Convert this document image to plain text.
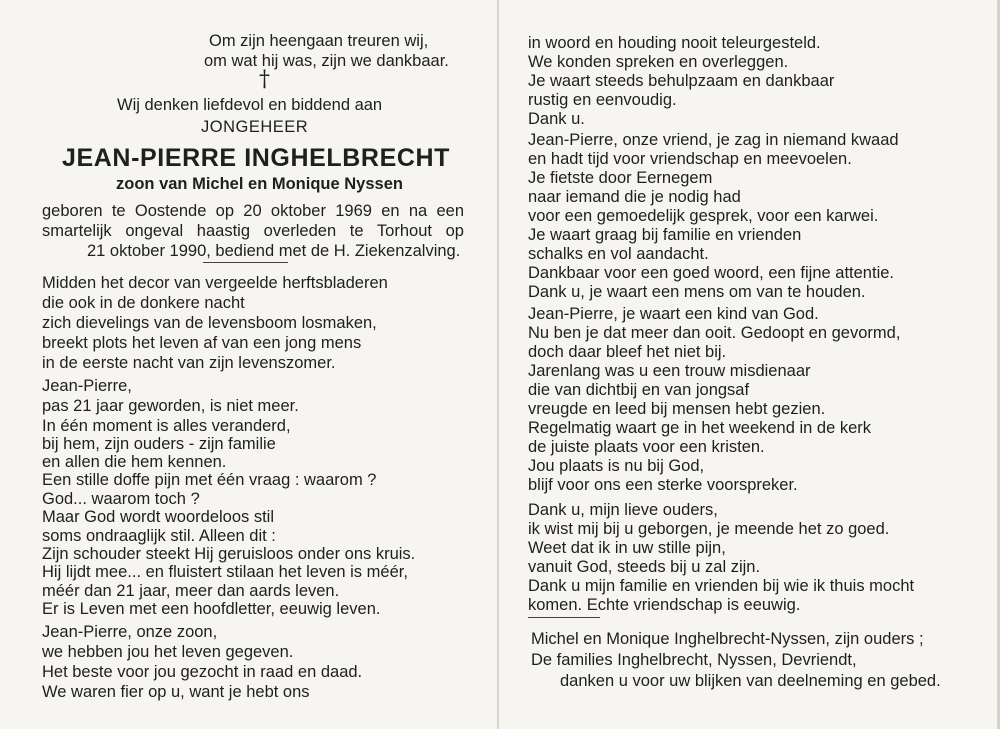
Om zijn heengaan treuren wij,
om wat hij was, zijn we dankbaar.
†
Wij denken liefdevol en biddend aan
JONGEHEER
JEAN-PIERRE INGHELBRECHT
zoon van Michel en Monique Nyssen
geboren te Oostende op 20 oktober 1969 en na een
smartelijk ongeval haastig overleden te Torhout op
21 oktober 1990, bediend met de H. Ziekenzalving.
Midden het decor van vergeelde herftsbladeren
die ook in de donkere nacht
zich dievelings van de levensboom losmaken,
breekt plots het leven af van een jong mens
in de eerste nacht van zijn levenszomer.
Jean-Pierre,
pas 21 jaar geworden, is niet meer.
In één moment is alles veranderd,
bij hem, zijn ouders - zijn familie
en allen die hem kennen.
Een stille doffe pijn met één vraag : waarom ?
God... waarom toch ?
Maar God wordt woordeloos stil
soms ondraaglijk stil. Alleen dit :
Zijn schouder steekt Hij geruisloos onder ons kruis.
Hij lijdt mee... en fluistert stilaan het leven is méér,
méér dan 21 jaar, meer dan aards leven.
Er is Leven met een hoofdletter, eeuwig leven.
Jean-Pierre, onze zoon,
we hebben jou het leven gegeven.
Het beste voor jou gezocht in raad en daad.
We waren fier op u, want je hebt ons
in woord en houding nooit teleurgesteld.
We konden spreken en overleggen.
Je waart steeds behulpzaam en dankbaar
rustig en eenvoudig.
Dank u.
Jean-Pierre, onze vriend, je zag in niemand kwaad
en hadt tijd voor vriendschap en meevoelen.
Je fietste door Eernegem
naar iemand die je nodig had
voor een gemoedelijk gesprek, voor een karwei.
Je waart graag bij familie en vrienden
schalks en vol aandacht.
Dankbaar voor een goed woord, een fijne attentie.
Dank u, je waart een mens om van te houden.
Jean-Pierre, je waart een kind van God.
Nu ben je dat meer dan ooit. Gedoopt en gevormd,
doch daar bleef het niet bij.
Jarenlang was u een trouw misdienaar
die van dichtbij en van jongsaf
vreugde en leed bij mensen hebt gezien.
Regelmatig waart ge in het weekend in de kerk
de juiste plaats voor een kristen.
Jou plaats is nu bij God,
blijf voor ons een sterke voorspreker.
Dank u, mijn lieve ouders,
ik wist mij bij u geborgen, je meende het zo goed.
Weet dat ik in uw stille pijn,
vanuit God, steeds bij u zal zijn.
Dank u mijn familie en vrienden bij wie ik thuis mocht
komen. Echte vriendschap is eeuwig.
Michel en Monique Inghelbrecht-Nyssen, zijn ouders ;
De families Inghelbrecht, Nyssen, Devriendt,
danken u voor uw blijken van deelneming en gebed.
